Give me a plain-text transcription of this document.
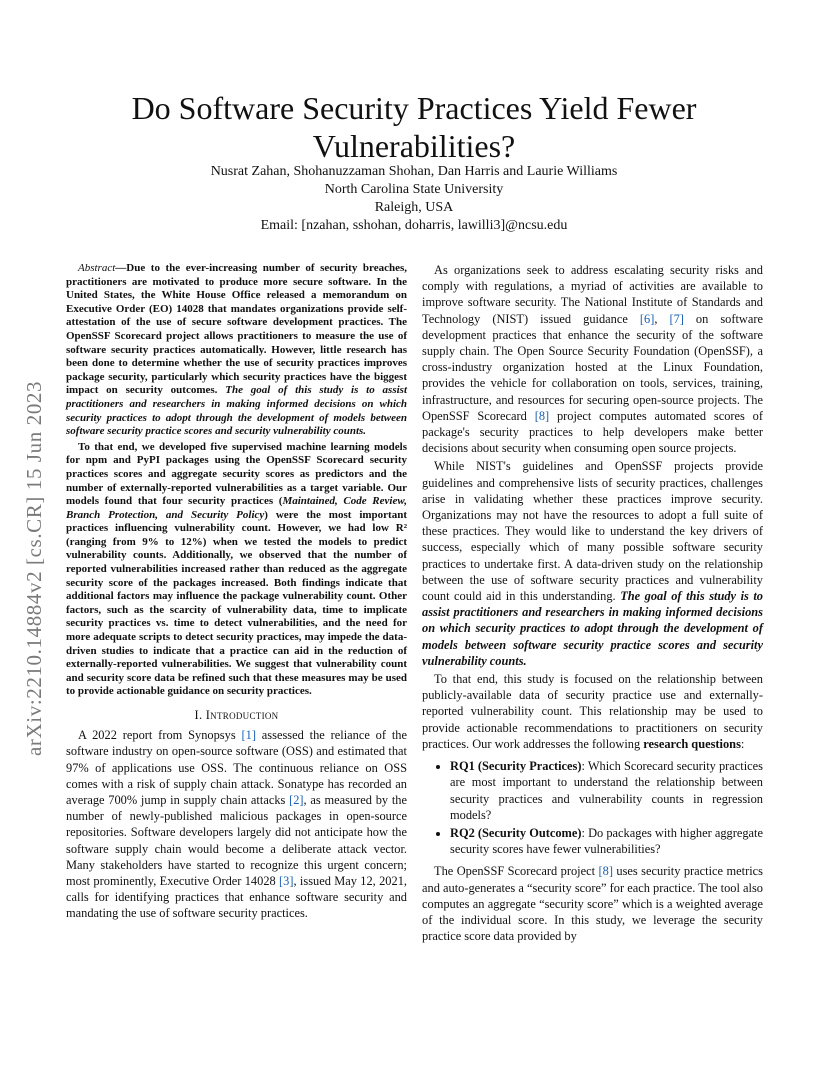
arXiv:2210.14884v2 [cs.CR] 15 Jun 2023
Do Software Security Practices Yield Fewer Vulnerabilities?
Nusrat Zahan, Shohanuzzaman Shohan, Dan Harris and Laurie Williams
North Carolina State University
Raleigh, USA
Email: [nzahan, sshohan, doharris, lawilli3]@ncsu.edu

Abstract—Due to the ever-increasing number of security breaches, practitioners are motivated to produce more secure software. In the United States, the White House Office released a memorandum on Executive Order (EO) 14028 that mandates organizations provide self-attestation of the use of secure software development practices. The OpenSSF Scorecard project allows practitioners to measure the use of software security practices automatically. However, little research has been done to determine whether the use of security practices improves package security, particularly which security practices have the biggest impact on security outcomes. The goal of this study is to assist practitioners and researchers in making informed decisions on which security practices to adopt through the development of models between software security practice scores and security vulnerability counts.

To that end, we developed five supervised machine learning models for npm and PyPI packages using the OpenSSF Scorecard security practices scores and aggregate security scores as predictors and the number of externally-reported vulnerabilities as a target variable. Our models found that four security practices (Maintained, Code Review, Branch Protection, and Security Policy) were the most important practices influencing vulnerability count. However, we had low R² (ranging from 9% to 12%) when we tested the models to predict vulnerability counts. Additionally, we observed that the number of reported vulnerabilities increased rather than reduced as the aggregate security score of the packages increased. Both findings indicate that additional factors may influence the package vulnerability count. Other factors, such as the scarcity of vulnerability data, time to implicate security practices vs. time to detect vulnerabilities, and the need for more adequate scripts to detect security practices, may impede the data-driven studies to indicate that a practice can aid in the reduction of externally-reported vulnerabilities. We suggest that vulnerability count and security score data be refined such that these measures may be used to provide actionable guidance on security practices.

I. Introduction

A 2022 report from Synopsys [1] assessed the reliance of the software industry on open-source software (OSS) and estimated that 97% of applications use OSS. The continuous reliance on OSS comes with a risk of supply chain attack. Sonatype has recorded an average 700% jump in supply chain attacks [2], as measured by the number of newly-published malicious packages in open-source repositories. Software developers largely did not anticipate how the software supply chain would become a deliberate attack vector. Many stakeholders have started to recognize this urgent concern; most prominently, Executive Order 14028 [3], issued May 12, 2021, calls for identifying practices that enhance software security and mandating the use of software security practices.

As organizations seek to address escalating security risks and comply with regulations, a myriad of activities are available to improve software security. The National Institute of Standards and Technology (NIST) issued guidance [6], [7] on software development practices that enhance the security of the software supply chain. The Open Source Security Foundation (OpenSSF), a cross-industry organization hosted at the Linux Foundation, provides the vehicle for collaboration on tools, services, training, infrastructure, and resources for securing open-source projects. The OpenSSF Scorecard [8] project computes automated scores of package's security practices to help developers make better decisions about security when consuming open source projects.

While NIST's guidelines and OpenSSF projects provide guidelines and comprehensive lists of security practices, challenges arise in validating whether these practices improve security. Organizations may not have the resources to adopt a full suite of these practices. They would like to understand the key drivers of success, especially which of many possible software security practices to undertake first. A data-driven study on the relationship between the use of software security practices and vulnerability count could aid in this understanding. The goal of this study is to assist practitioners and researchers in making informed decisions on which security practices to adopt through the development of models between software security practice scores and security vulnerability counts.

To that end, this study is focused on the relationship between publicly-available data of security practice use and externally-reported vulnerability count. This relationship may be used to provide actionable recommendations to practitioners on security practices. Our work addresses the following research questions:

• RQ1 (Security Practices): Which Scorecard security practices are most important to understand the relationship between security practices and vulnerability counts in regression models?
• RQ2 (Security Outcome): Do packages with higher aggregate security scores have fewer vulnerabilities?

The OpenSSF Scorecard project [8] uses security practice metrics and auto-generates a “security score” for each practice. The tool also computes an aggregate “security score” which is a weighted average of the individual score. In this study, we leverage the security practice score data provided by
